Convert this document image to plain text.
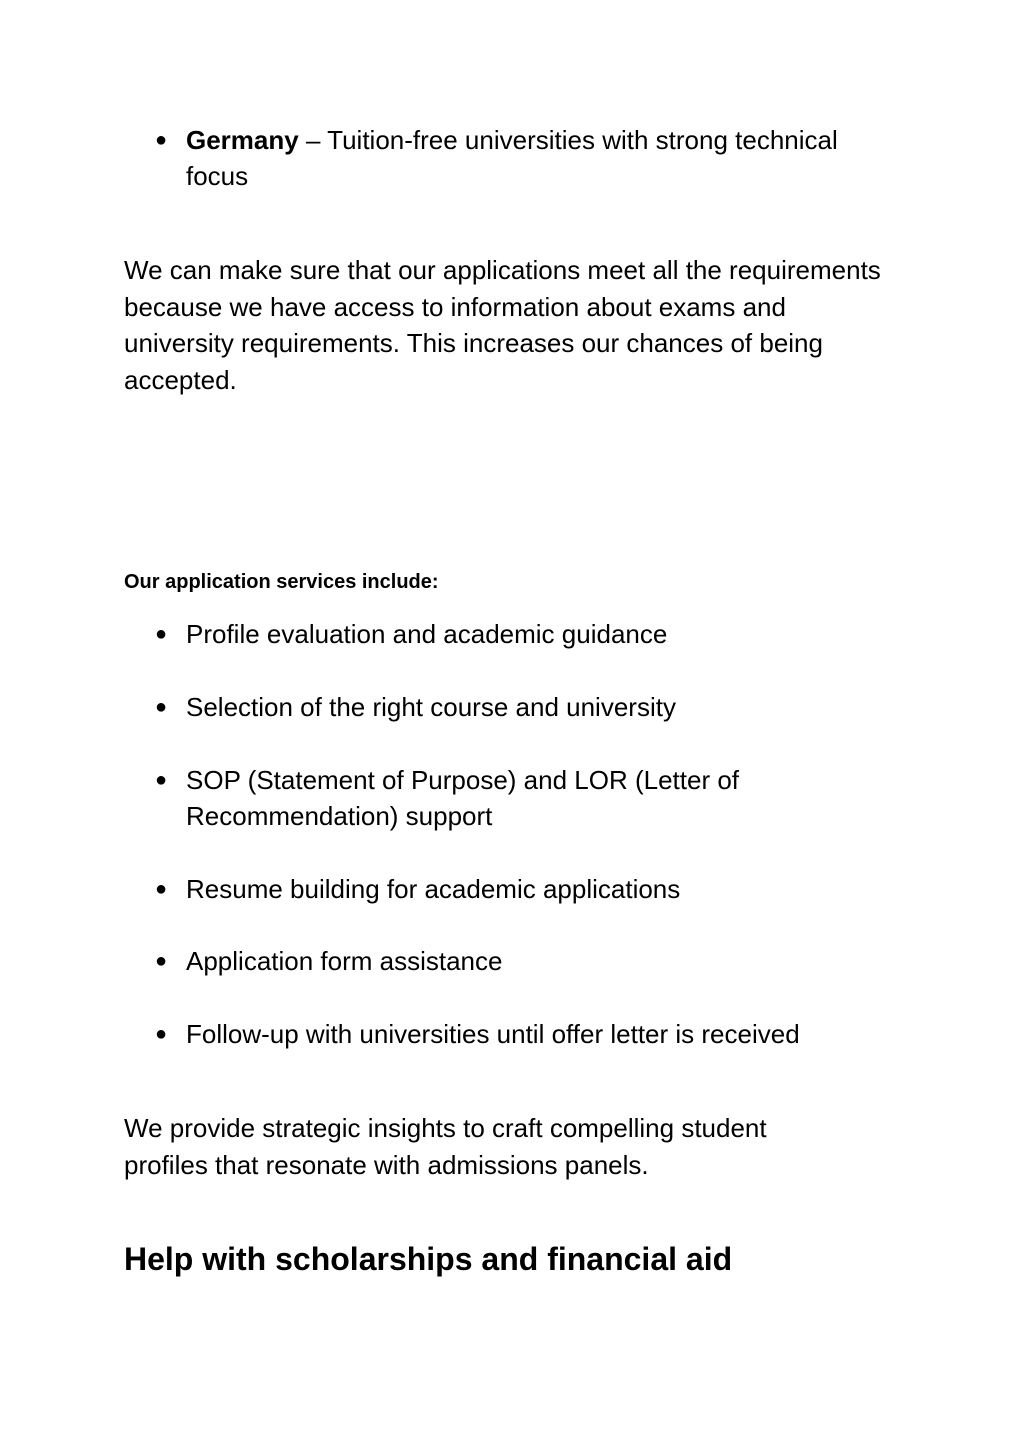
● Germany – Tuition-free universities with strong technical focus
We can make sure that our applications meet all the requirements because we have access to information about exams and university requirements. This increases our chances of being accepted.
Our application services include:
● Profile evaluation and academic guidance
● Selection of the right course and university
● SOP (Statement of Purpose) and LOR (Letter of Recommendation) support
● Resume building for academic applications
● Application form assistance
● Follow-up with universities until offer letter is received
We provide strategic insights to craft compelling student profiles that resonate with admissions panels.
Help with scholarships and financial aid
